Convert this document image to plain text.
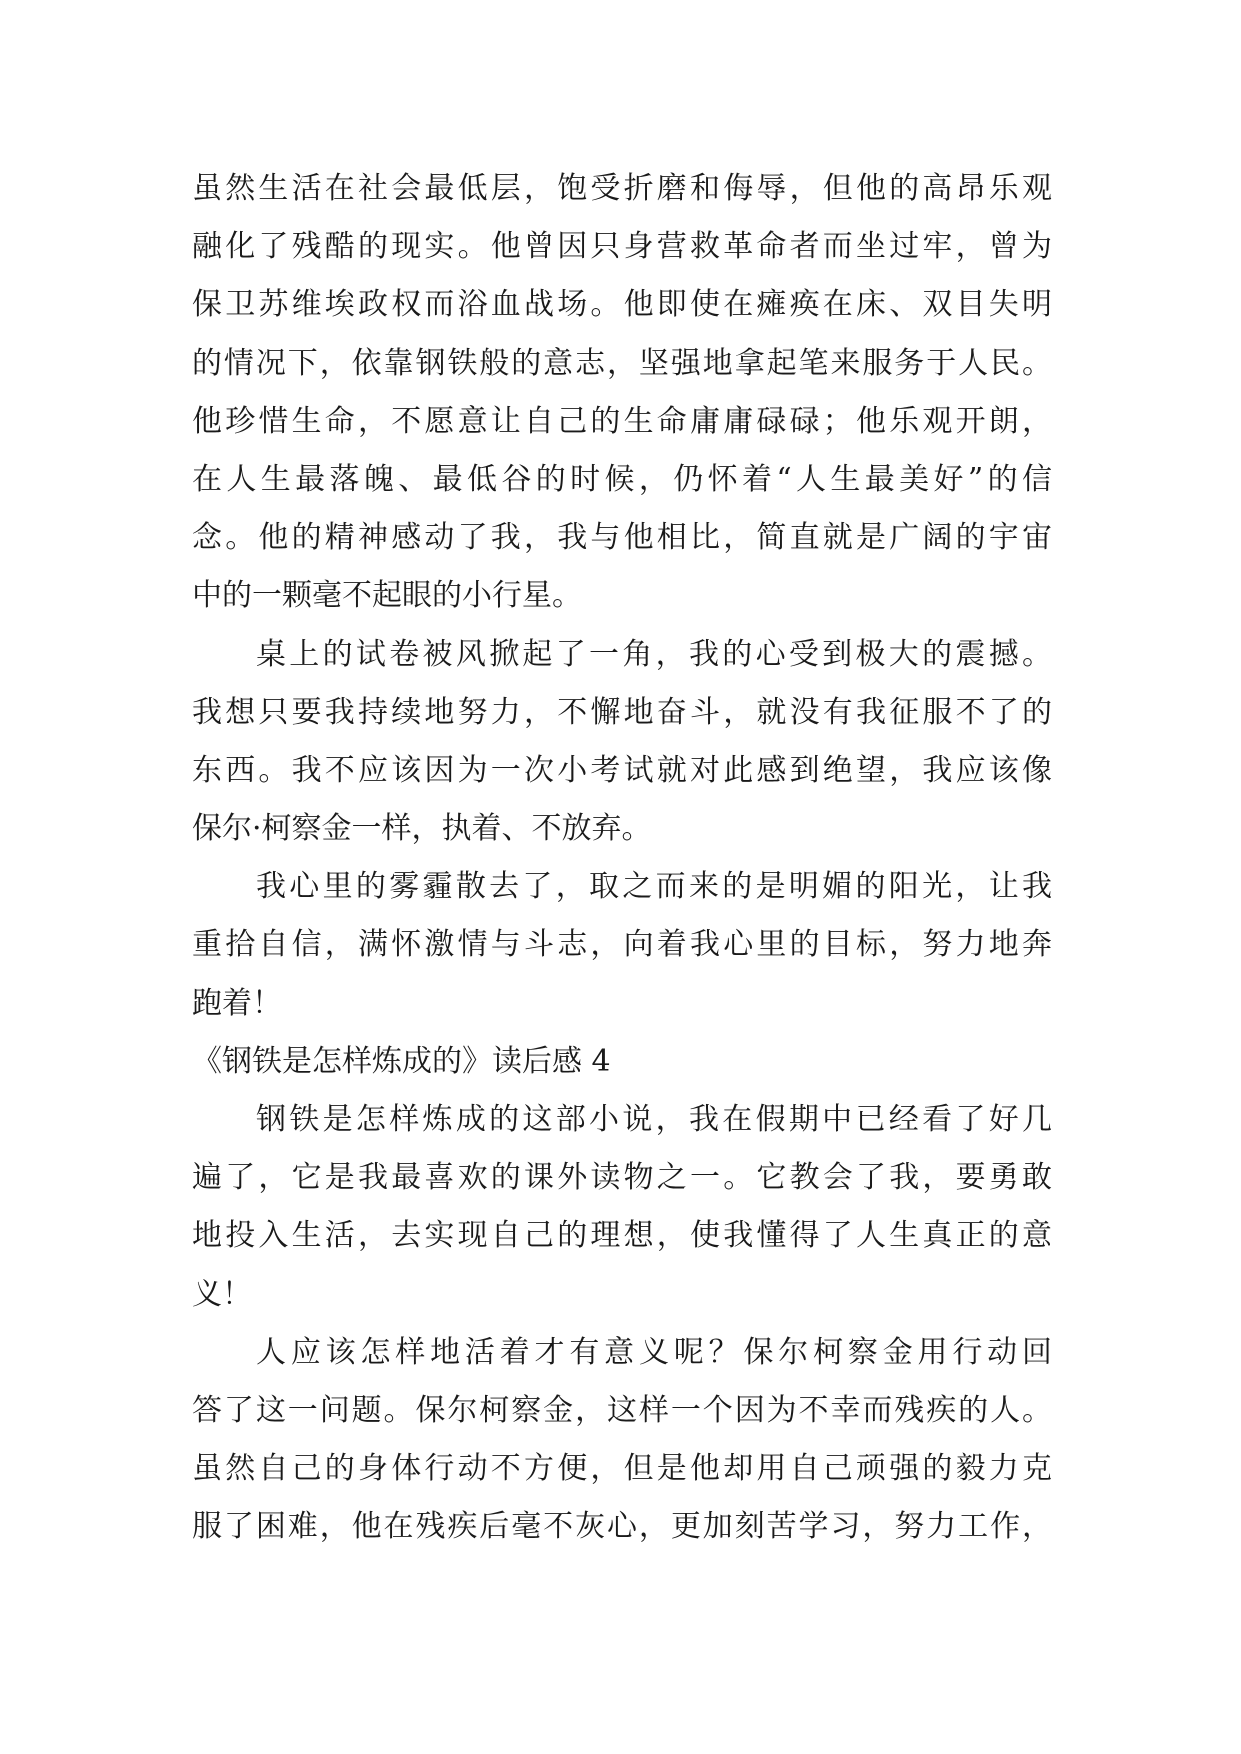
虽然生活在社会最低层，饱受折磨和侮辱，但他的高昂乐观
融化了残酷的现实。他曾因只身营救革命者而坐过牢，曾为
保卫苏维埃政权而浴血战场。他即使在瘫痪在床、双目失明
的情况下，依靠钢铁般的意志，坚强地拿起笔来服务于人民。
他珍惜生命，不愿意让自己的生命庸庸碌碌；他乐观开朗，
在人生最落魄、最低谷的时候，仍怀着“人生最美好”的信
念。他的精神感动了我，我与他相比，简直就是广阔的宇宙
中的一颗毫不起眼的小行星。
桌上的试卷被风掀起了一角，我的心受到极大的震撼。
我想只要我持续地努力，不懈地奋斗，就没有我征服不了的
东西。我不应该因为一次小考试就对此感到绝望，我应该像
保尔·柯察金一样，执着、不放弃。
我心里的雾霾散去了，取之而来的是明媚的阳光，让我
重拾自信，满怀激情与斗志，向着我心里的目标，努力地奔
跑着！
《钢铁是怎样炼成的》读后感 4
钢铁是怎样炼成的这部小说，我在假期中已经看了好几
遍了，它是我最喜欢的课外读物之一。它教会了我，要勇敢
地投入生活，去实现自己的理想，使我懂得了人生真正的意
义！
人应该怎样地活着才有意义呢？保尔柯察金用行动回
答了这一问题。保尔柯察金，这样一个因为不幸而残疾的人。
虽然自己的身体行动不方便，但是他却用自己顽强的毅力克
服了困难，他在残疾后毫不灰心，更加刻苦学习，努力工作，
